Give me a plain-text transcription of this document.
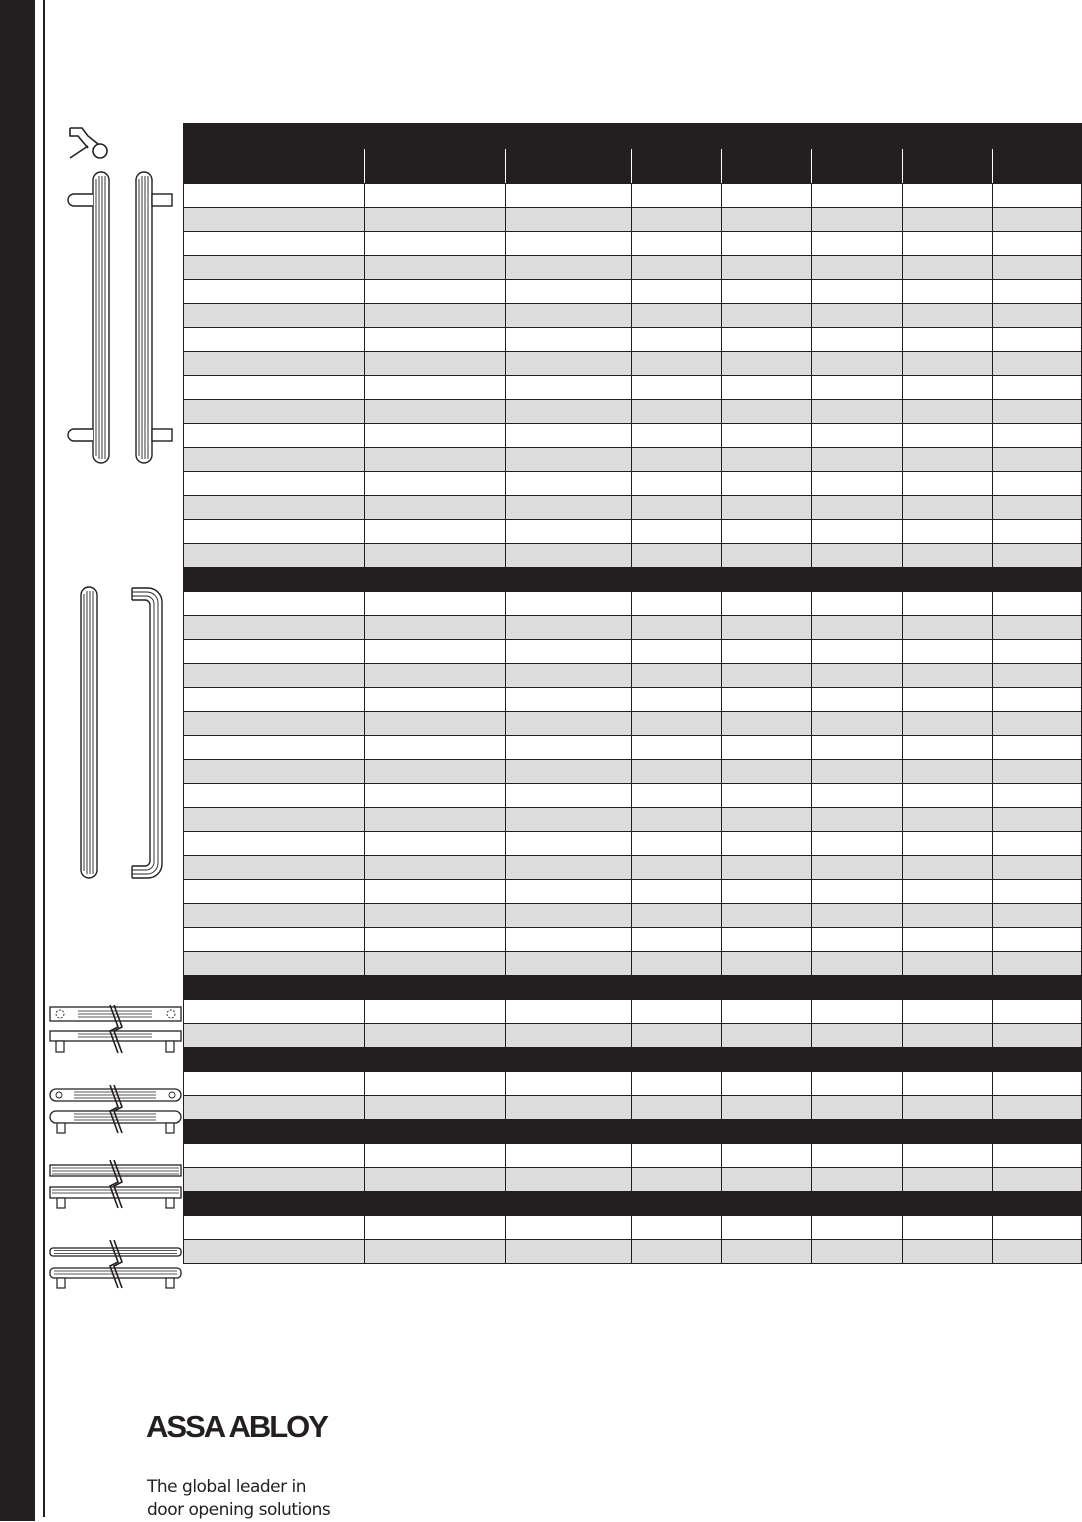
ASSA ABLOY
The global leader in
door opening solutions
